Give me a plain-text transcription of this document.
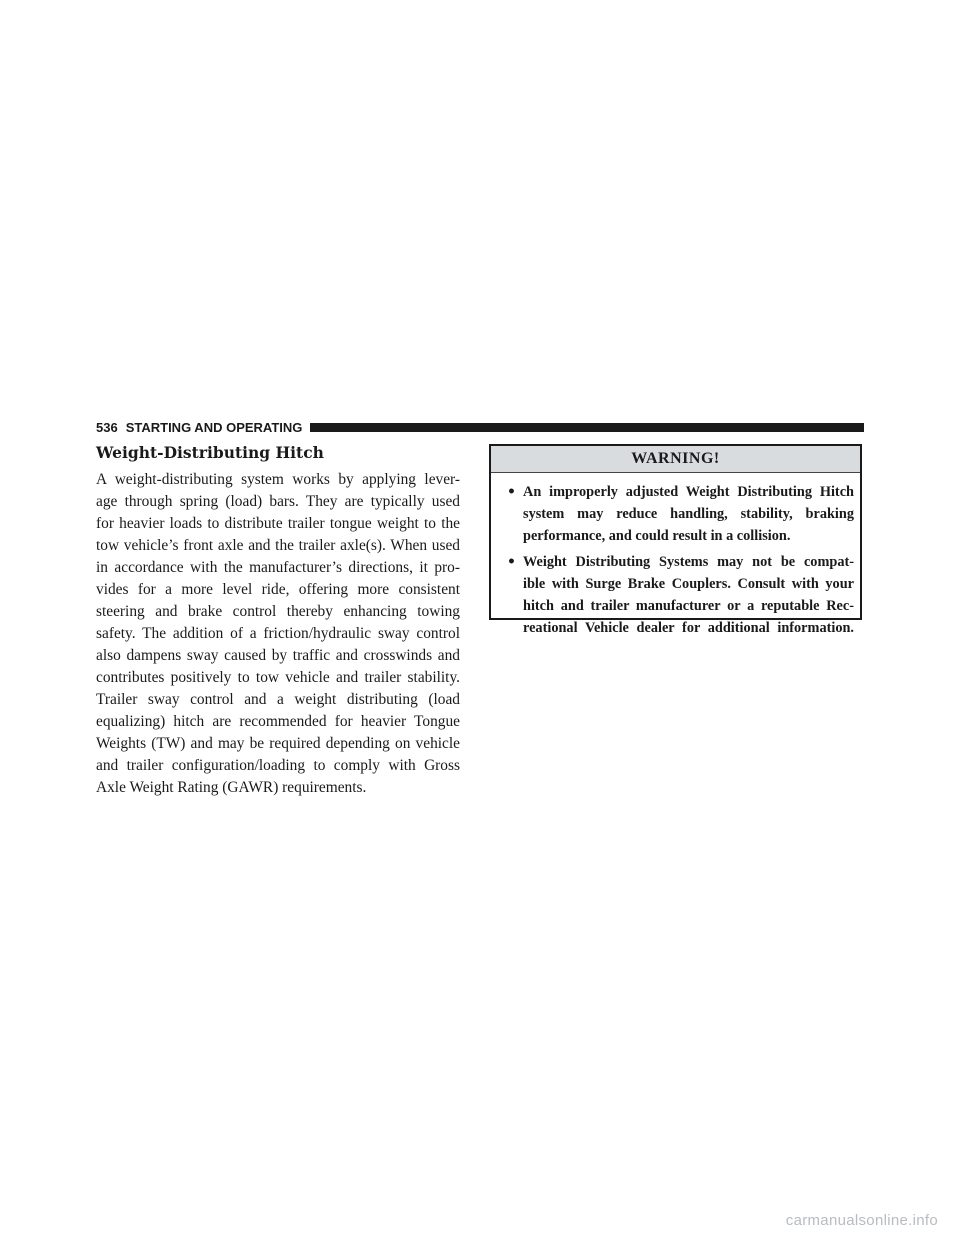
536 STARTING AND OPERATING
Weight-Distributing Hitch
A weight-distributing system works by applying lever-
age through spring (load) bars. They are typically used
for heavier loads to distribute trailer tongue weight to the
tow vehicle’s front axle and the trailer axle(s). When used
in accordance with the manufacturer’s directions, it pro-
vides for a more level ride, offering more consistent
steering and brake control thereby enhancing towing
safety. The addition of a friction/hydraulic sway control
also dampens sway caused by traffic and crosswinds and
contributes positively to tow vehicle and trailer stability.
Trailer sway control and a weight distributing (load
equalizing) hitch are recommended for heavier Tongue
Weights (TW) and may be required depending on vehicle
and trailer configuration/loading to comply with Gross
Axle Weight Rating (GAWR) requirements.
WARNING!
• An improperly adjusted Weight Distributing Hitch
system may reduce handling, stability, braking
performance, and could result in a collision.
• Weight Distributing Systems may not be compat-
ible with Surge Brake Couplers. Consult with your
hitch and trailer manufacturer or a reputable Rec-
reational Vehicle dealer for additional information.
carmanualsonline.info
